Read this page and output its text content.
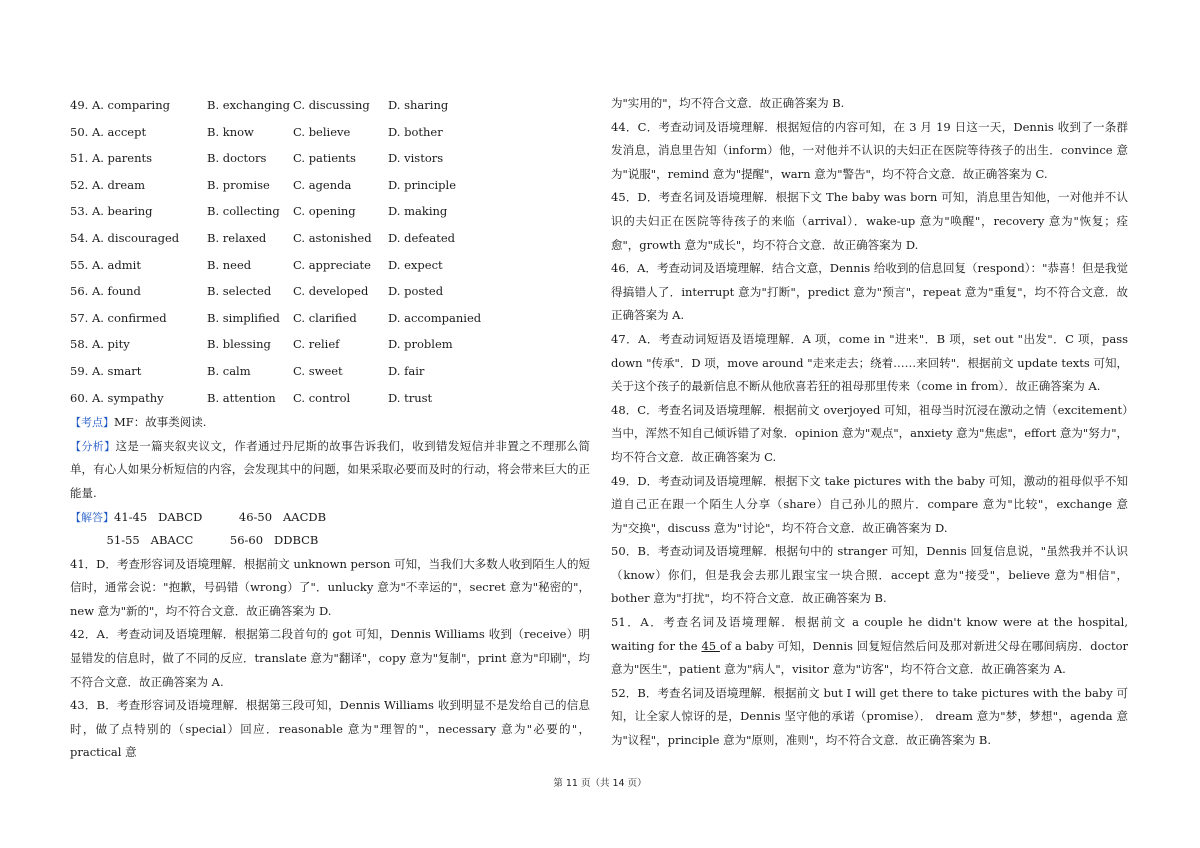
49. A. comparing	B. exchanging C. discussing D. sharing
50. A. accept	B. know	C. believe	D. bother
51. A. parents	B. doctors C. patients	D. vistors
52. A. dream	B. promise C. agenda	D. principle
53. A. bearing	B. collecting C. opening	D. making
54. A. discouraged B. relaxed C. astonished D. defeated
55. A. admit	B. need	C. appreciate D. expect
56. A. found	B. selected C. developed D. posted
57. A. confirmed	B. simplified C. clarified	D. accompanied
58. A. pity	B. blessing C. relief	D. problem
59. A. smart	B. calm	C. sweet	D. fair
60. A. sympathy	B. attention C. control	D. trust

【考点】MF：故事类阅读.

【分析】这是一篇夹叙夹议文，作者通过丹尼斯的故事告诉我们，收到错发短信并非置之不理那么简单，有心人如果分析短信的内容，会发现其中的问题，如果采取必要而及时的行动，将会带来巨大的正能量.

【解答】41-45   DABCD          46-50   AACDB

51-55   ABACC          56-60   DDBCB

41．D．考查形容词及语境理解．根据前文 unknown person 可知，当我们大多数人收到陌生人的短信时，通常会说："抱歉，号码错（wrong）了"．unlucky 意为"不幸运的"，secret 意为"秘密的"，new 意为"新的"，均不符合文意．故正确答案为 D.

42．A．考查动词及语境理解．根据第二段首句的 got 可知，Dennis Williams 收到（receive）明显错发的信息时，做了不同的反应．translate 意为"翻译"，copy 意为"复制"，print 意为"印刷"，均不符合文意．故正确答案为 A.

43．B．考查形容词及语境理解．根据第三段可知，Dennis Williams 收到明显不是发给自己的信息时，做了点特别的（special）回应．reasonable 意为"理智的"，necessary 意为"必要的"，practical 意

为"实用的"，均不符合文意．故正确答案为 B.

44．C．考查动词及语境理解．根据短信的内容可知，在 3 月 19 日这一天，Dennis 收到了一条群发消息，消息里告知（inform）他，一对他并不认识的夫妇正在医院等待孩子的出生．convince 意为"说服"，remind 意为"提醒"，warn 意为"警告"，均不符合文意．故正确答案为 C.

45．D．考查名词及语境理解．根据下文 The baby was born 可知，消息里告知他，一对他并不认识的夫妇正在医院等待孩子的来临（arrival）．wake-up 意为"唤醒"，recovery 意为"恢复；痊愈"，growth 意为"成长"，均不符合文意．故正确答案为 D.

46．A．考查动词及语境理解．结合文意，Dennis 给收到的信息回复（respond）："恭喜！但是我觉得搞错人了．interrupt 意为"打断"，predict 意为"预言"，repeat 意为"重复"，均不符合文意．故正确答案为 A.

47．A．考查动词短语及语境理解．A 项，come in "进来"．B 项，set out "出发"．C 项，pass down "传承"．D 项，move around "走来走去；绕着……来回转"．根据前文 update texts 可知，关于这个孩子的最新信息不断从他欣喜若狂的祖母那里传来（come in from）．故正确答案为 A.

48．C．考查名词及语境理解．根据前文 overjoyed 可知，祖母当时沉浸在激动之情（excitement）当中，浑然不知自己倾诉错了对象．opinion 意为"观点"，anxiety 意为"焦虑"，effort 意为"努力"，均不符合文意．故正确答案为 C.

49．D．考查动词及语境理解．根据下文 take pictures with the baby 可知，激动的祖母似乎不知道自己正在跟一个陌生人分享（share）自己孙儿的照片．compare 意为"比较"，exchange 意为"交换"，discuss 意为"讨论"，均不符合文意．故正确答案为 D.

50．B．考查动词及语境理解．根据句中的 stranger 可知，Dennis 回复信息说，"虽然我并不认识（know）你们，但是我会去那儿跟宝宝一块合照．accept 意为"接受"，believe 意为"相信"，bother 意为"打扰"，均不符合文意．故正确答案为 B.

51．A．考查名词及语境理解．根据前文 a couple he didn't know were at the hospital, waiting for the 45 of a baby 可知，Dennis 回复短信然后问及那对新进父母在哪间病房．doctor 意为"医生"，patient 意为"病人"，visitor 意为"访客"，均不符合文意．故正确答案为 A.

52．B．考查名词及语境理解．根据前文 but I will get there to take pictures with the baby 可知，让全家人惊讶的是，Dennis 坚守他的承诺（promise）． dream 意为"梦，梦想"，agenda 意为"议程"，principle 意为"原则，准则"，均不符合文意．故正确答案为 B.

第 11 页（共 14 页）
